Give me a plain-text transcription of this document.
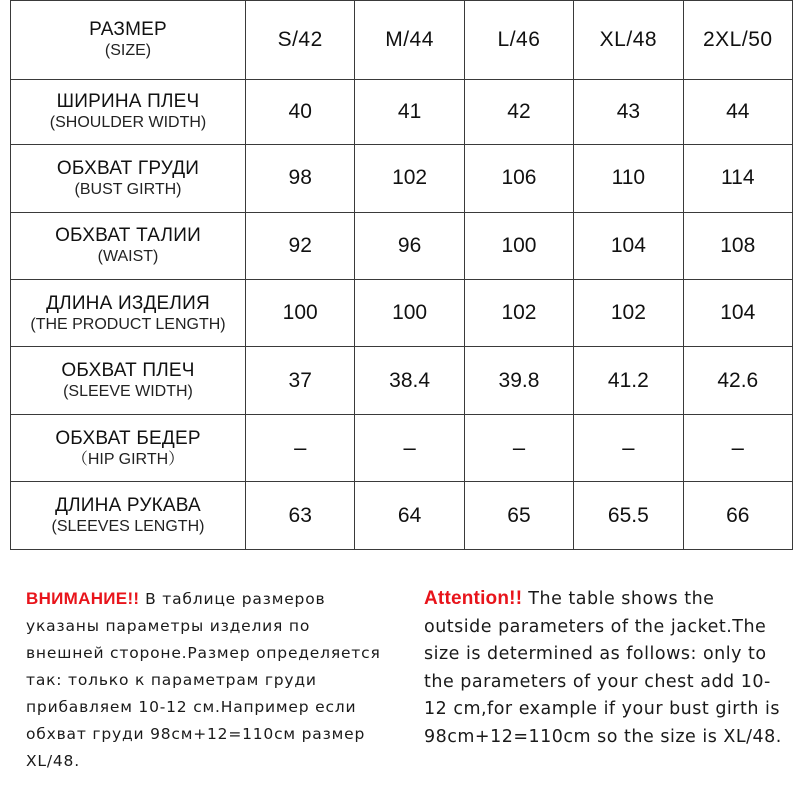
РАЗМЕР
(SIZE)	S/42	M/44	L/46	XL/48	2XL/50

ШИРИНА ПЛЕЧ
(SHOULDER WIDTH)	40	41	42	43	44

ОБХВАТ ГРУДИ
(BUST GIRTH)	98	102	106	110	114

ОБХВАТ ТАЛИИ
(WAIST)	92	96	100	104	108

ДЛИНА ИЗДЕЛИЯ
(THE PRODUCT LENGTH)	100	100	102	102	104

ОБХВАТ ПЛЕЧ
(SLEEVE WIDTH)	37	38.4	39.8	41.2	42.6

ОБХВАТ БЕДЕР
（HIP GIRTH）	–	–	–	–	–

ДЛИНА РУКАВА
(SLEEVES LENGTH)	63	64	65	65.5	66
ВНИМАНИЕ!! В таблице размеров указаны параметры изделия по внешней стороне.Размер определяется так: только к параметрам груди прибавляем 10-12 см.Например если обхват груди 98см+12=110см размер XL/48.
Attention!! The table shows the outside parameters of the jacket.The size is determined as follows: only to the parameters of your chest add 10-12 cm,for example if your bust girth is 98cm+12=110cm so the size is XL/48.
